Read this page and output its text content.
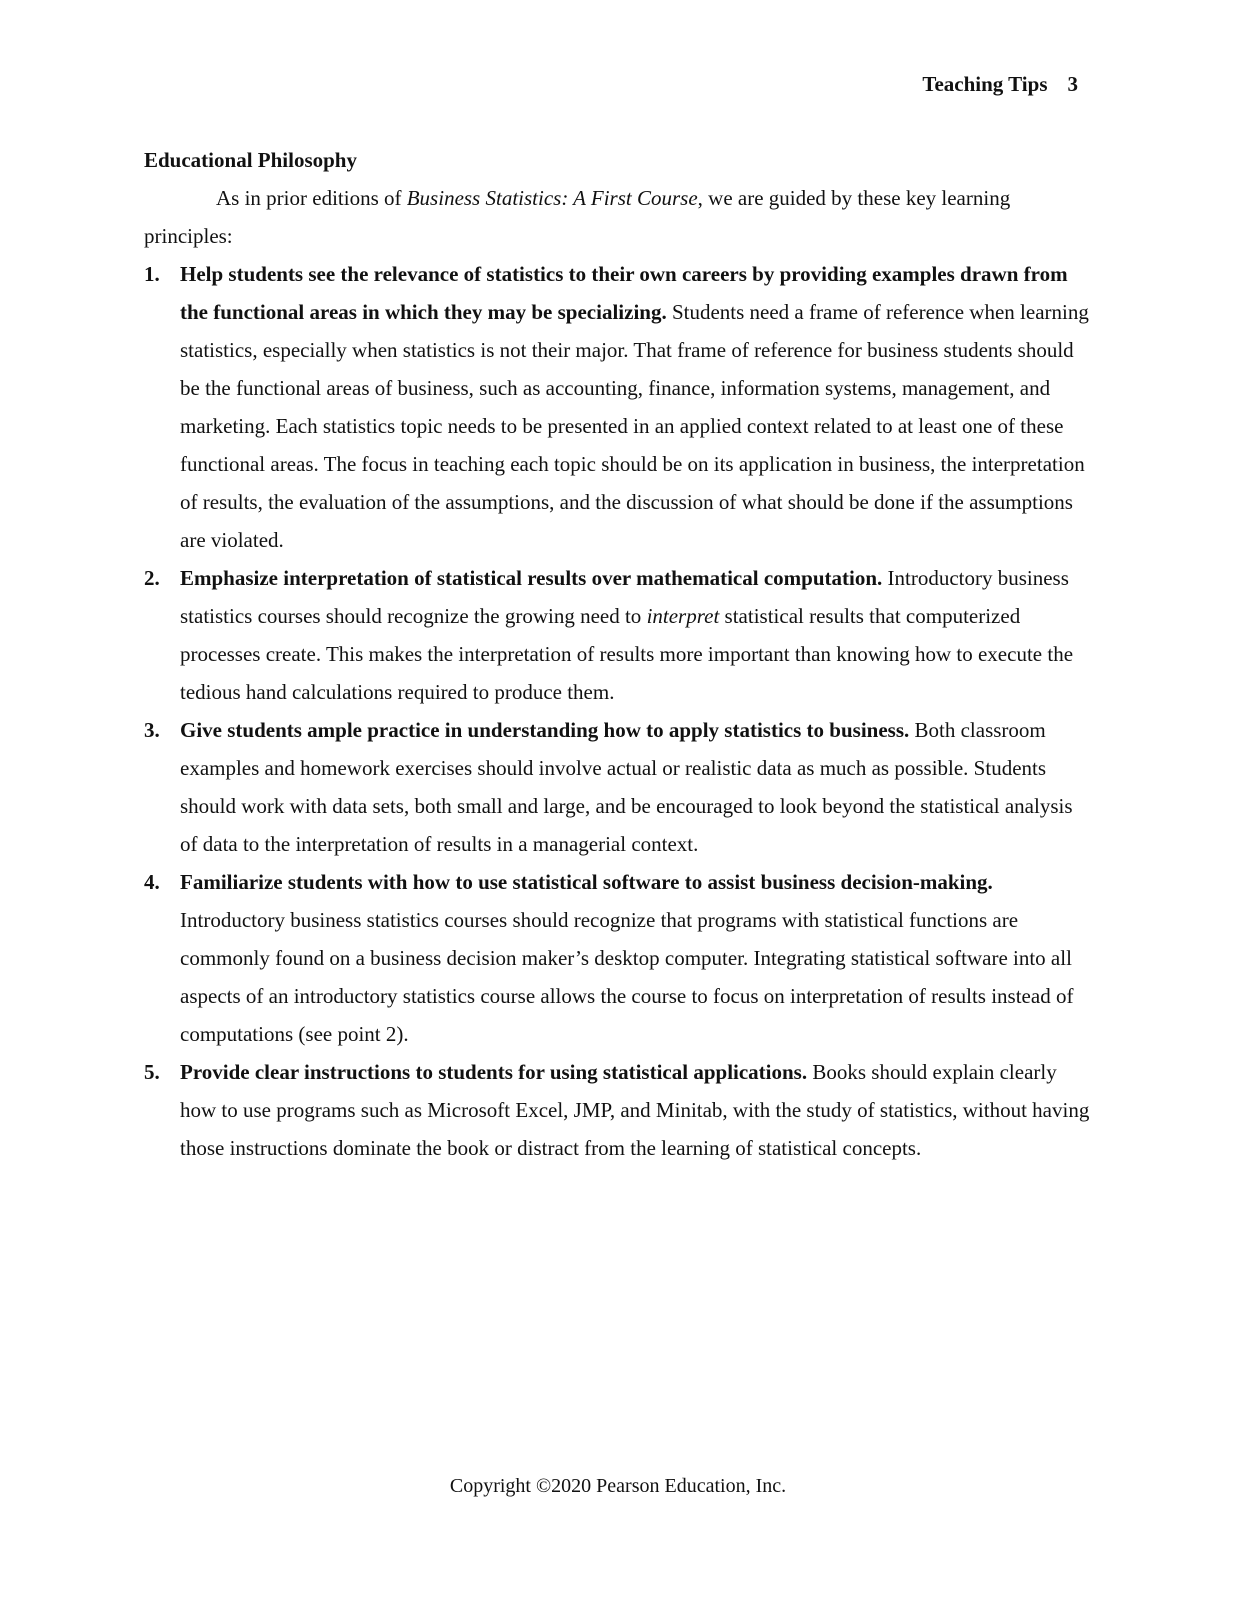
Teaching Tips 3

Educational Philosophy

As in prior editions of Business Statistics: A First Course, we are guided by these key learning principles:

1. Help students see the relevance of statistics to their own careers by providing examples drawn from the functional areas in which they may be specializing. Students need a frame of reference when learning statistics, especially when statistics is not their major. That frame of reference for business students should be the functional areas of business, such as accounting, finance, information systems, management, and marketing. Each statistics topic needs to be presented in an applied context related to at least one of these functional areas. The focus in teaching each topic should be on its application in business, the interpretation of results, the evaluation of the assumptions, and the discussion of what should be done if the assumptions are violated.
2. Emphasize interpretation of statistical results over mathematical computation. Introductory business statistics courses should recognize the growing need to interpret statistical results that computerized processes create. This makes the interpretation of results more important than knowing how to execute the tedious hand calculations required to produce them.
3. Give students ample practice in understanding how to apply statistics to business. Both classroom examples and homework exercises should involve actual or realistic data as much as possible. Students should work with data sets, both small and large, and be encouraged to look beyond the statistical analysis of data to the interpretation of results in a managerial context.
4. Familiarize students with how to use statistical software to assist business decision-making. Introductory business statistics courses should recognize that programs with statistical functions are commonly found on a business decision maker’s desktop computer. Integrating statistical software into all aspects of an introductory statistics course allows the course to focus on interpretation of results instead of computations (see point 2).
5. Provide clear instructions to students for using statistical applications. Books should explain clearly how to use programs such as Microsoft Excel, JMP, and Minitab, with the study of statistics, without having those instructions dominate the book or distract from the learning of statistical concepts.
Copyright ©2020 Pearson Education, Inc.
